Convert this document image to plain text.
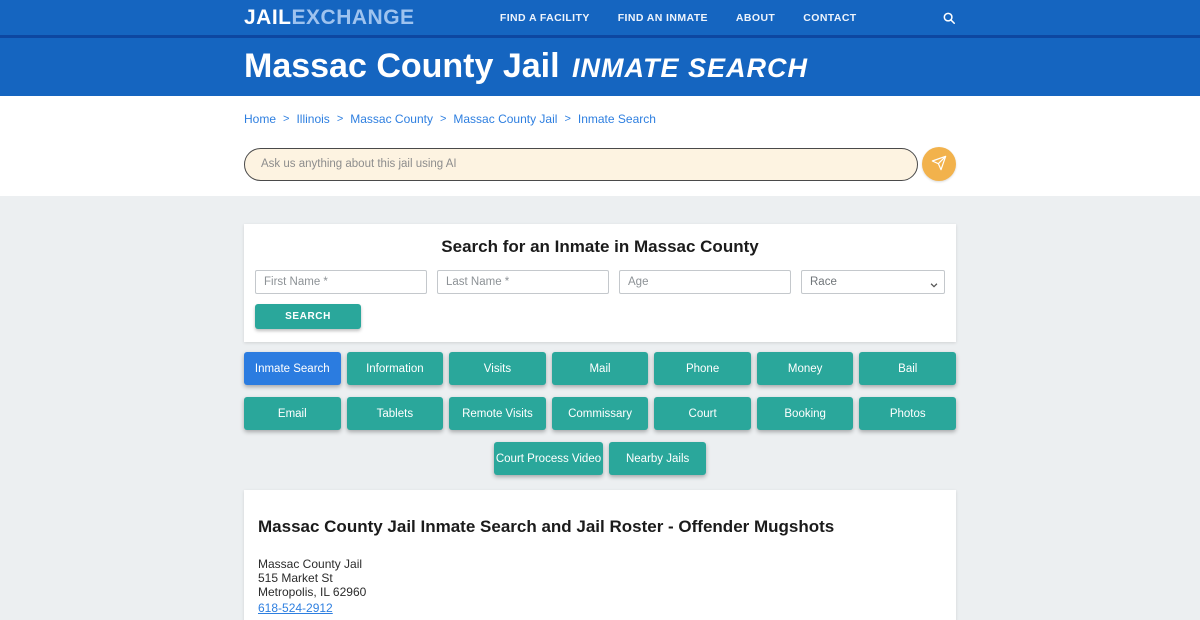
JAILEXCHANGE	FIND A FACILITY	FIND AN INMATE	ABOUT	CONTACT
Massac County Jail INMATE SEARCH
Home > Illinois > Massac County > Massac County Jail > Inmate Search
Ask us anything about this jail using AI
Search for an Inmate in Massac County
First Name *
Last Name *
Age
Race
SEARCH
Inmate Search	Information	Visits	Mail	Phone	Money	Bail
Email	Tablets	Remote Visits	Commissary	Court	Booking	Photos
Court Process Video	Nearby Jails
Massac County Jail Inmate Search and Jail Roster - Offender Mugshots
Massac County Jail
515 Market St
Metropolis, IL 62960
618-524-2912
